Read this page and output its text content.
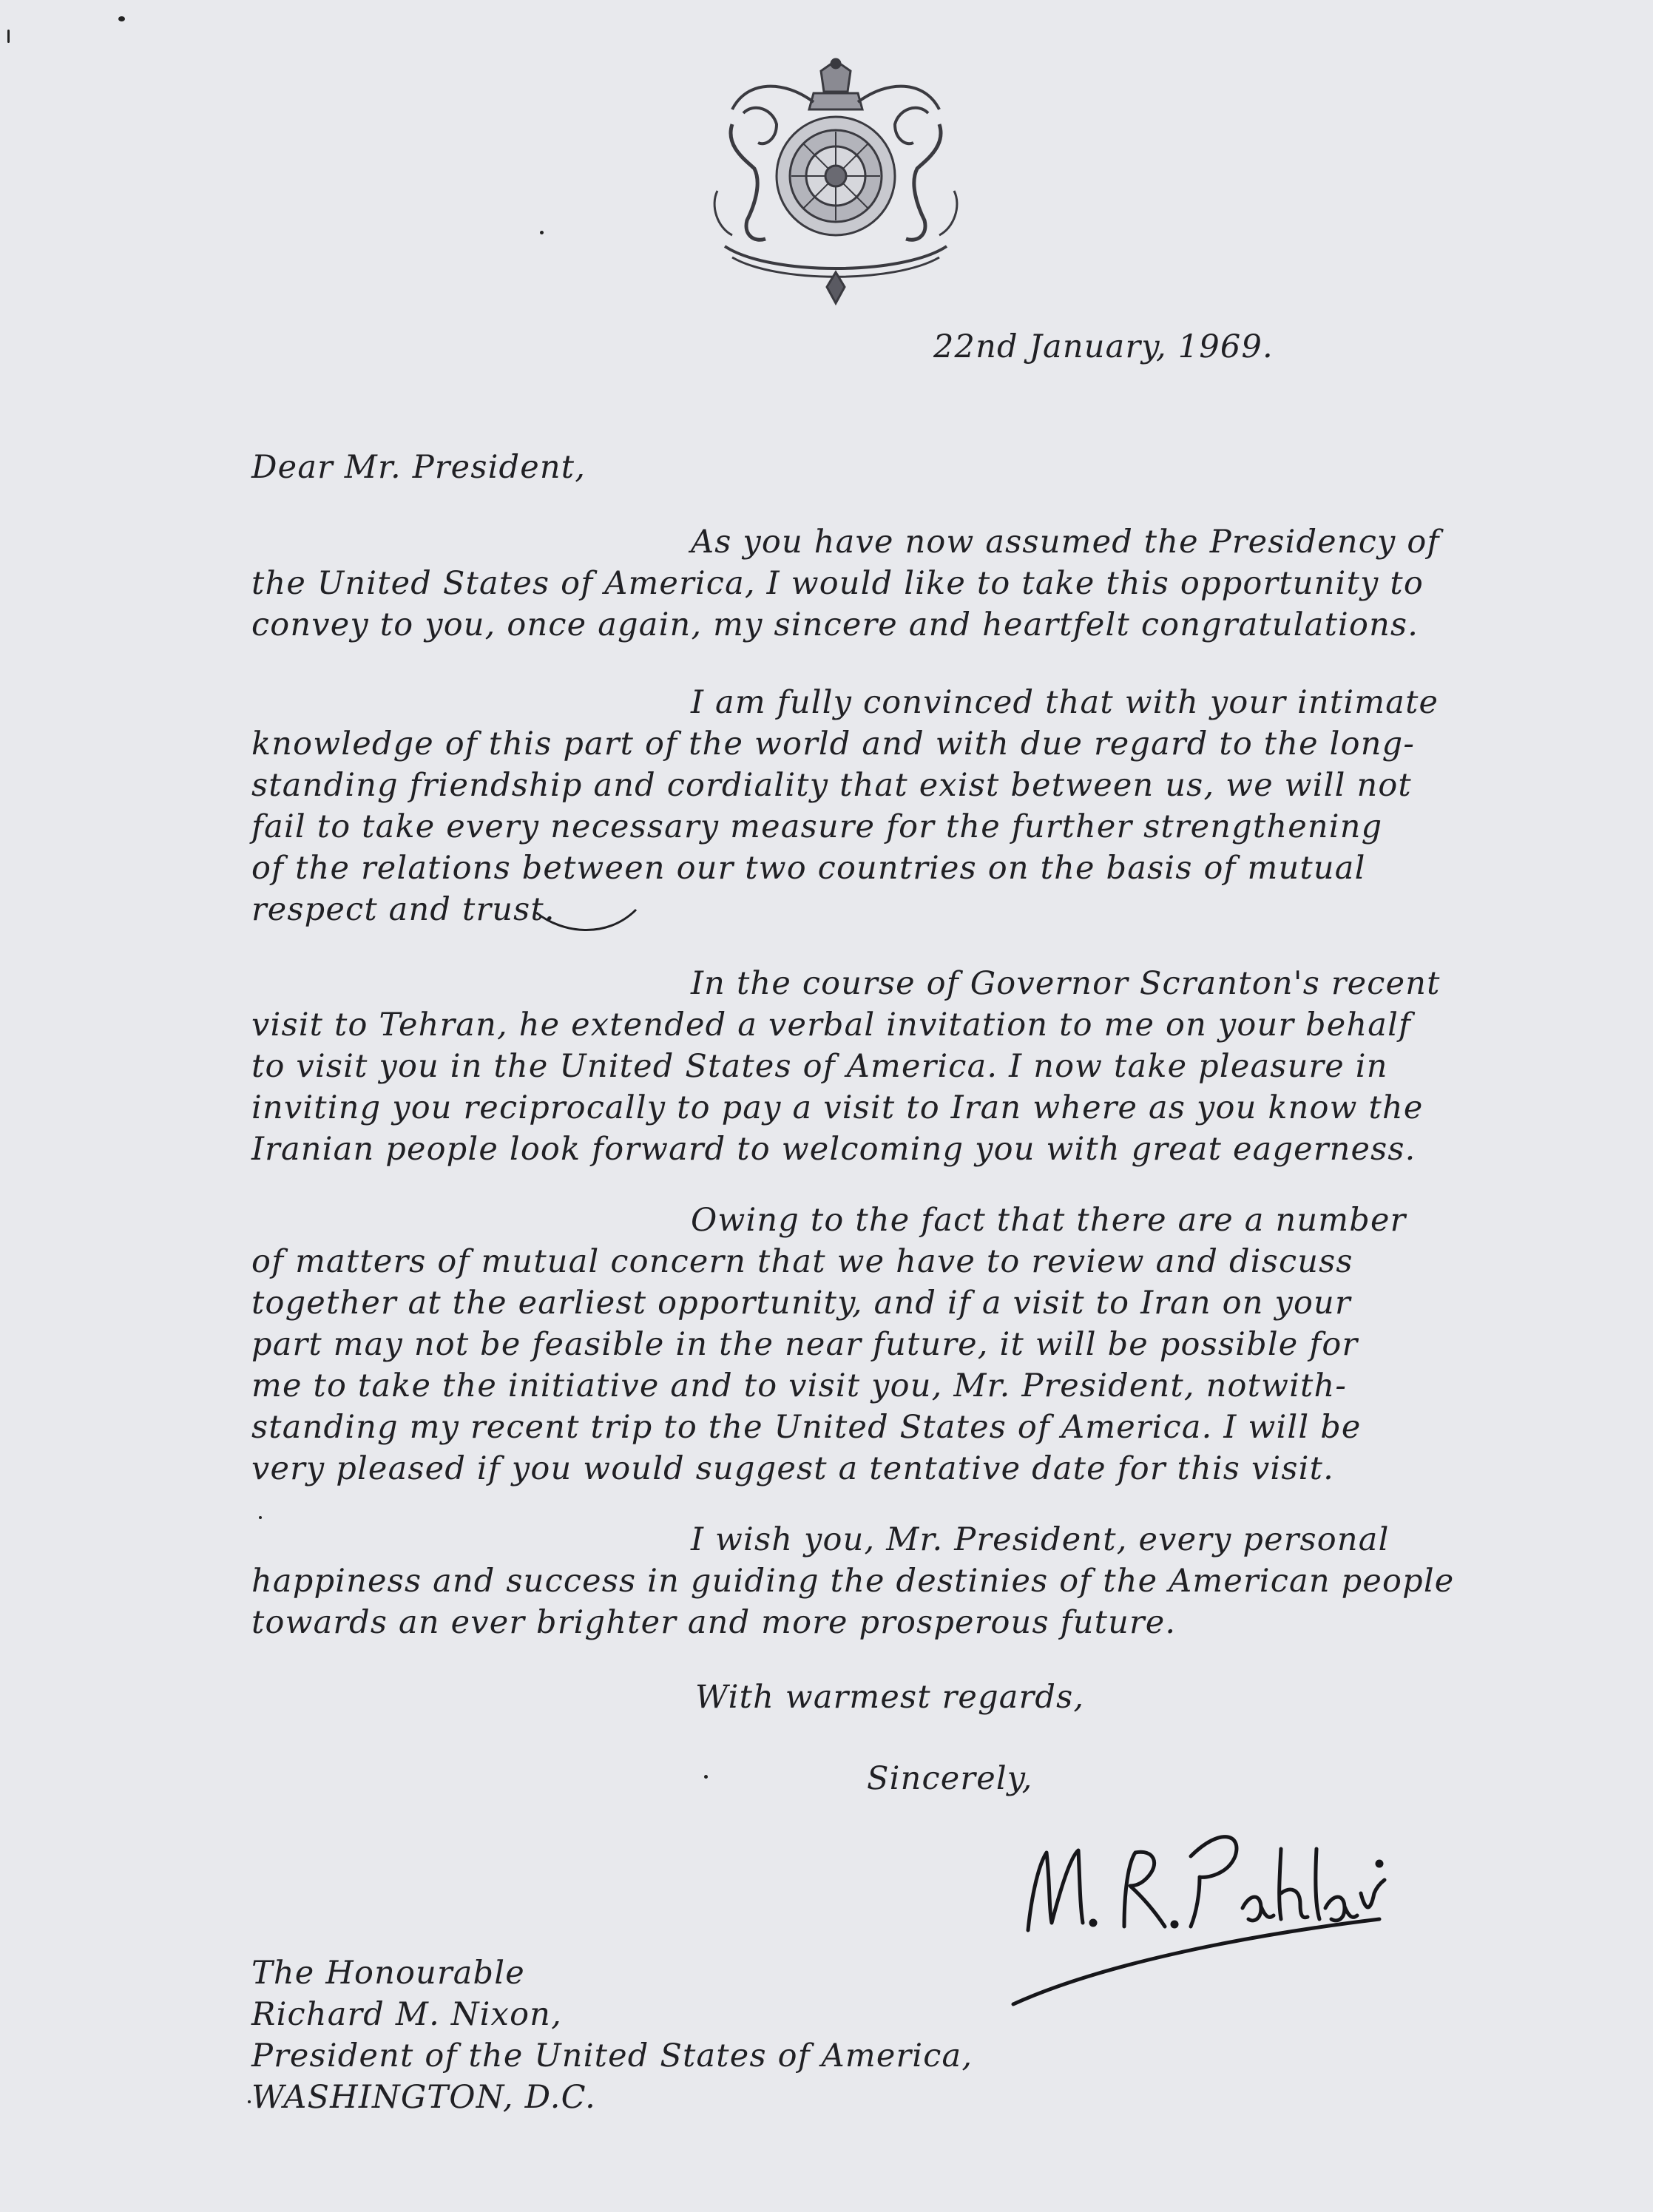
22nd January, 1969.
Dear Mr. President,
As you have now assumed the Presidency of
the United States of America, I would like to take this opportunity to
convey to you, once again, my sincere and heartfelt congratulations.
I am fully convinced that with your intimate
knowledge of this part of the world and with due regard to the long-
standing friendship and cordiality that exist between us, we will not
fail to take every necessary measure for the further strengthening
of the relations between our two countries on the basis of mutual
respect and trust.
In the course of Governor Scranton's recent
visit to Tehran, he extended a verbal invitation to me on your behalf
to visit you in the United States of America. I now take pleasure in
inviting you reciprocally to pay a visit to Iran where as you know the
Iranian people look forward to welcoming you with great eagerness.
Owing to the fact that there are a number
of matters of mutual concern that we have to review and discuss
together at the earliest opportunity, and if a visit to Iran on your
part may not be feasible in the near future, it will be possible for
me to take the initiative and to visit you, Mr. President, notwith-
standing my recent trip to the United States of America. I will be
very pleased if you would suggest a tentative date for this visit.
I wish you, Mr. President, every personal
happiness and success in guiding the destinies of the American people
towards an ever brighter and more prosperous future.
With warmest regards,
Sincerely,
The Honourable
Richard M. Nixon,
President of the United States of America,
WASHINGTON, D.C.
